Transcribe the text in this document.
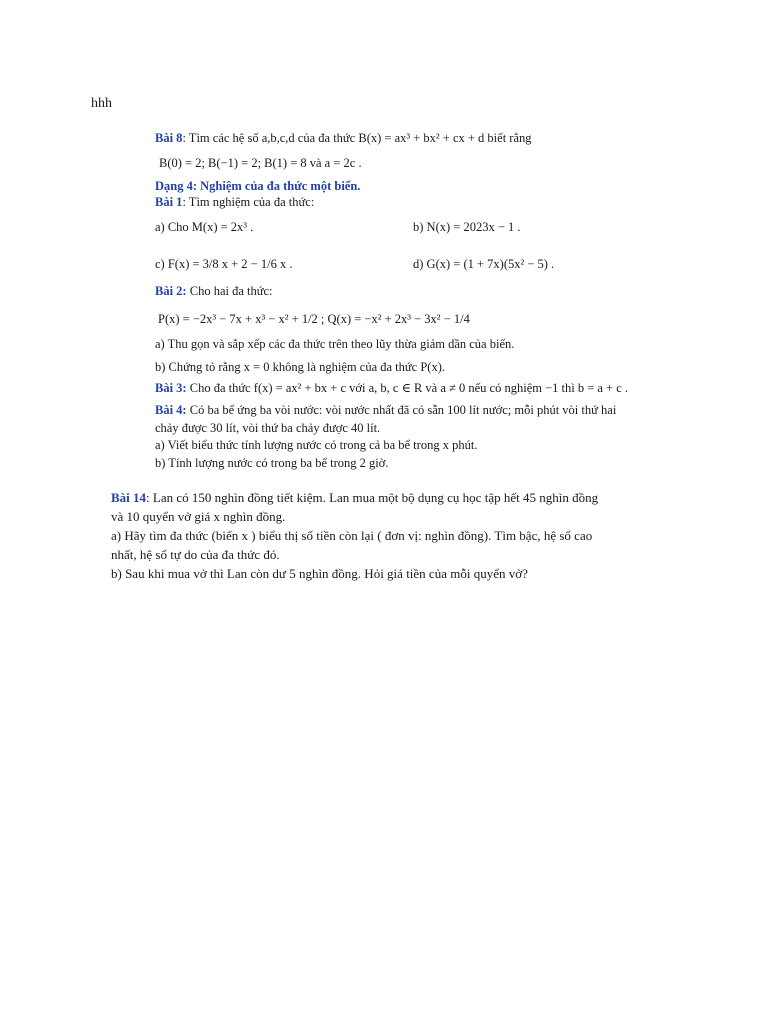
hhh
Bài 8: Tìm các hệ số a,b,c,d của đa thức B(x) = ax³ + bx² + cx + d biết rằng
B(0) = 2; B(−1) = 2; B(1) = 8 và a = 2c .
Dạng 4: Nghiệm của đa thức một biến.
Bài 1: Tìm nghiệm của đa thức:
a) Cho M(x) = 2x³ .	b) N(x) = 2023x − 1 .
c) F(x) = 3/8 x + 2 − 1/6 x .	d) G(x) = (1 + 7x)(5x² − 5) .
Bài 2: Cho hai đa thức:
P(x) = −2x³ − 7x + x³ − x² + 1/2 ; Q(x) = −x² + 2x³ − 3x² − 1/4
a) Thu gọn và sắp xếp các đa thức trên theo lũy thừa giảm dần của biến.
b) Chứng tỏ rằng x = 0 không là nghiệm của đa thức P(x).
Bài 3: Cho đa thức f(x) = ax² + bx + c với a, b, c ∈ R và a ≠ 0 nếu có nghiệm −1 thì b = a + c .
Bài 4: Có ba bể ứng ba vòi nước: vòi nước nhất đã có sẵn 100 lít nước; mỗi phút vòi thứ hai
chảy được 30 lít, vòi thứ ba chảy được 40 lít.
a) Viết biểu thức tính lượng nước có trong cả ba bể trong x phút.
b) Tính lượng nước có trong ba bể trong 2 giờ.
Bài 14: Lan có 150 nghìn đồng tiết kiệm. Lan mua một bộ dụng cụ học tập hết 45 nghìn đồng
và 10 quyển vở giá x nghìn đồng.
a) Hãy tìm đa thức (biến x ) biểu thị số tiền còn lại ( đơn vị: nghìn đồng). Tìm bậc, hệ số cao
nhất, hệ số tự do của đa thức đó.
b) Sau khi mua vở thì Lan còn dư 5 nghìn đồng. Hỏi giá tiền của mỗi quyển vở?
